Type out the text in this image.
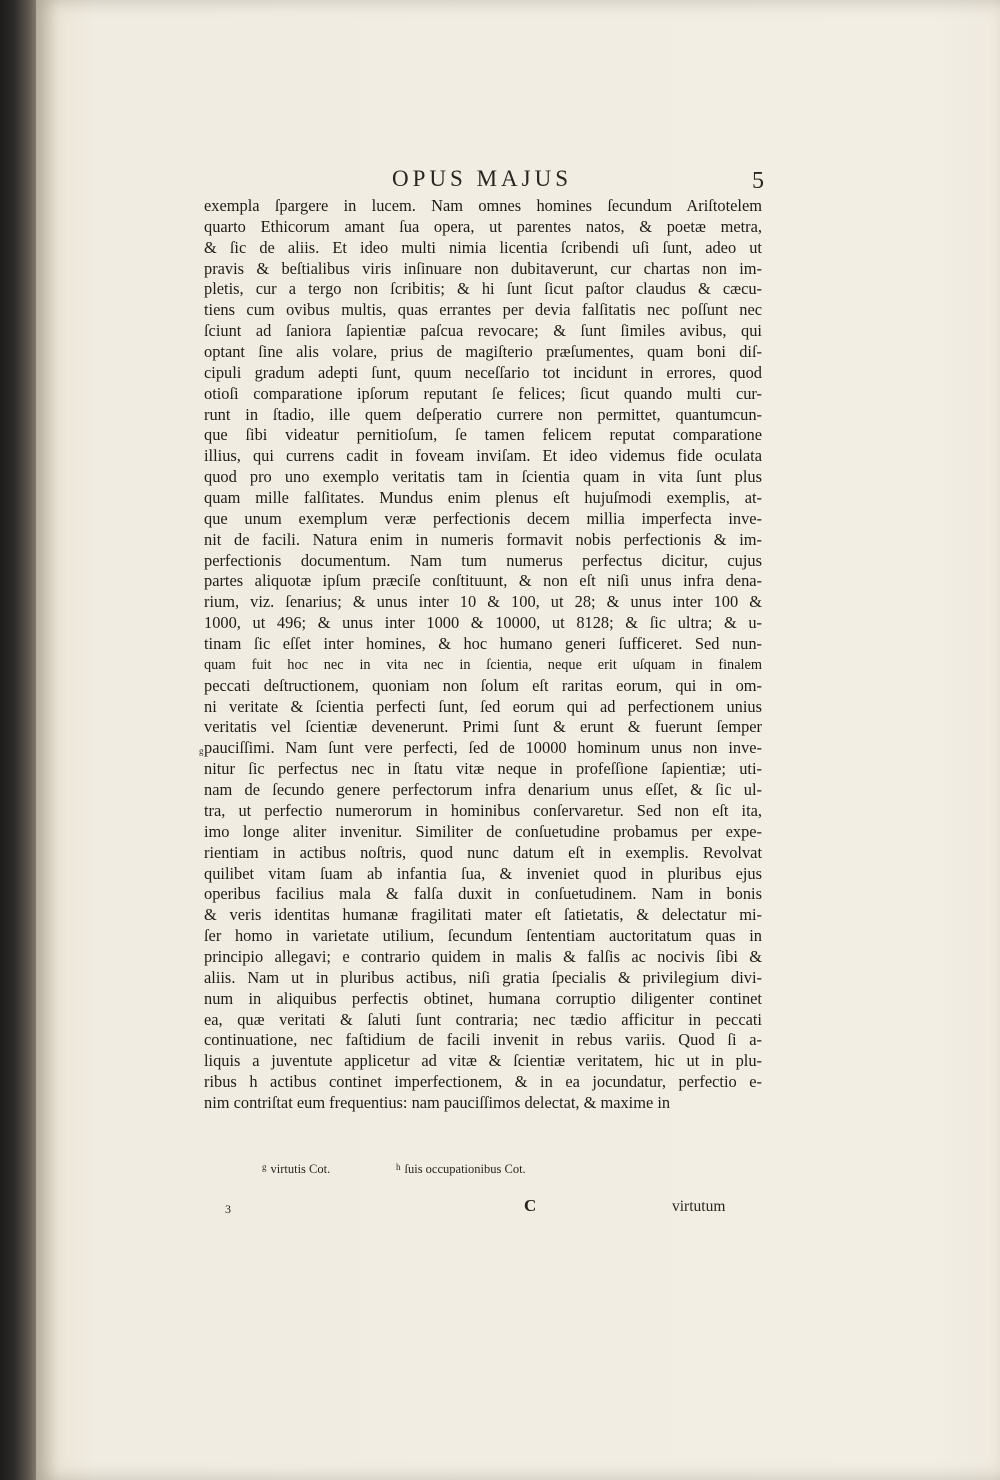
OPUS MAJUS	5
g
exempla ſpargere in lucem. Nam omnes homines ſecundum Ariſtotelem
quarto Ethicorum amant ſua opera, ut parentes natos, & poetæ metra,
& ſic de aliis. Et ideo multi nimia licentia ſcribendi uſi ſunt, adeo ut
pravis & beſtialibus viris inſinuare non dubitaverunt, cur chartas non im-
pletis, cur a tergo non ſcribitis; & hi ſunt ſicut paſtor claudus & cæcu-
tiens cum ovibus multis, quas errantes per devia falſitatis nec poſſunt nec
ſciunt ad ſaniora ſapientiæ paſcua revocare; & ſunt ſimiles avibus, qui
optant ſine alis volare, prius de magiſterio præſumentes, quam boni diſ-
cipuli gradum adepti ſunt, quum neceſſario tot incidunt in errores, quod
otioſi comparatione ipſorum reputant ſe felices; ſicut quando multi cur-
runt in ſtadio, ille quem deſperatio currere non permittet, quantumcun-
que ſibi videatur pernitioſum, ſe tamen felicem reputat comparatione
illius, qui currens cadit in foveam inviſam. Et ideo videmus fide oculata
quod pro uno exemplo veritatis tam in ſcientia quam in vita ſunt plus
quam mille falſitates. Mundus enim plenus eſt hujuſmodi exemplis, at-
que unum exemplum veræ perfectionis decem millia imperfecta inve-
nit de facili. Natura enim in numeris formavit nobis perfectionis & im-
perfectionis documentum. Nam tum numerus perfectus dicitur, cujus
partes aliquotæ ipſum præciſe conſtituunt, & non eſt niſi unus infra dena-
rium, viz. ſenarius; & unus inter 10 & 100, ut 28; & unus inter 100 &
1000, ut 496; & unus inter 1000 & 10000, ut 8128; & ſic ultra; & u-
tinam ſic eſſet inter homines, & hoc humano generi ſufficeret. Sed nun-
quam fuit hoc nec in vita nec in ſcientia, neque erit uſquam in finalem
peccati deſtructionem, quoniam non ſolum eſt raritas eorum, qui in om-
ni veritate & ſcientia perfecti ſunt, ſed eorum qui ad perfectionem unius
veritatis vel ſcientiæ devenerunt. Primi ſunt & erunt & fuerunt ſemper
pauciſſimi. Nam ſunt vere perfecti, ſed de 10000 hominum unus non inve-
nitur ſic perfectus nec in ſtatu vitæ neque in profeſſione ſapientiæ; uti-
nam de ſecundo genere perfectorum infra denarium unus eſſet, & ſic ul-
tra, ut perfectio numerorum in hominibus conſervaretur. Sed non eſt ita,
imo longe aliter invenitur. Similiter de conſuetudine probamus per expe-
rientiam in actibus noſtris, quod nunc datum eſt in exemplis. Revolvat
quilibet vitam ſuam ab infantia ſua, & inveniet quod in pluribus ejus
operibus facilius mala & falſa duxit in conſuetudinem. Nam in bonis
& veris identitas humanæ fragilitati mater eſt ſatietatis, & delectatur mi-
ſer homo in varietate utilium, ſecundum ſententiam auctoritatum quas in
principio allegavi; e contrario quidem in malis & falſis ac nocivis ſibi &
aliis. Nam ut in pluribus actibus, niſi gratia ſpecialis & privilegium divi-
num in aliquibus perfectis obtinet, humana corruptio diligenter continet
ea, quæ veritati & ſaluti ſunt contraria; nec tædio afficitur in peccati
continuatione, nec faſtidium de facili invenit in rebus variis. Quod ſi a-
liquis a juventute applicetur ad vitæ & ſcientiæ veritatem, hic ut in plu-
ribus h actibus continet imperfectionem, & in ea jocundatur, perfectio e-
nim contriſtat eum frequentius: nam pauciſſimos delectat, & maxime in
$^g$ virtutis Cot.	$^h$ ſuis occupationibus Cot.
3	C	virtutum
